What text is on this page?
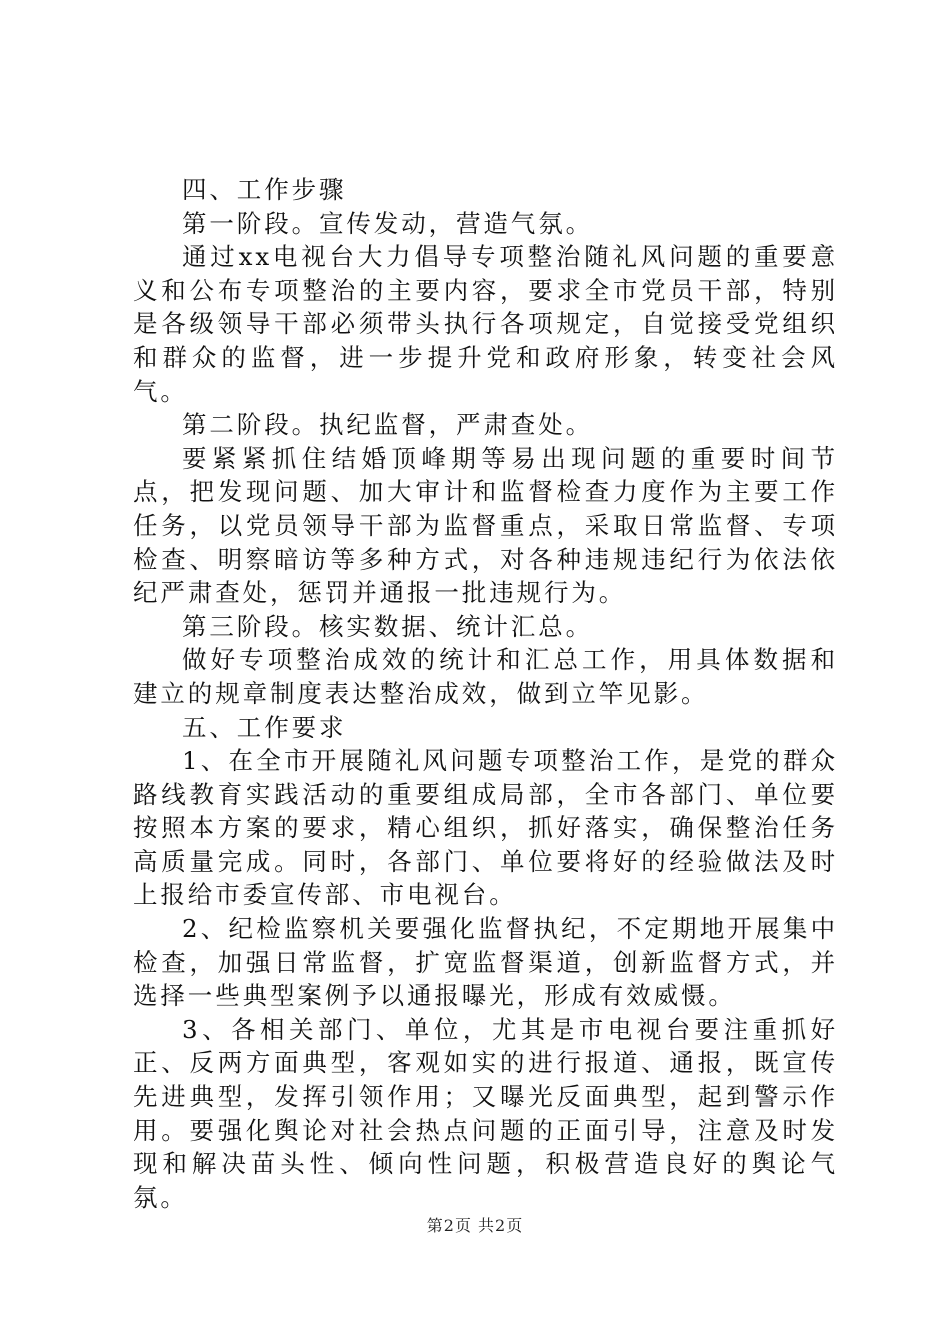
四、工作步骤

第一阶段。宣传发动，营造气氛。

通过xx电视台大力倡导专项整治随礼风问题的重要意义和公布专项整治的主要内容，要求全市党员干部，特别是各级领导干部必须带头执行各项规定，自觉接受党组织和群众的监督，进一步提升党和政府形象，转变社会风气。

第二阶段。执纪监督，严肃查处。

要紧紧抓住结婚顶峰期等易出现问题的重要时间节点，把发现问题、加大审计和监督检查力度作为主要工作任务，以党员领导干部为监督重点，采取日常监督、专项检查、明察暗访等多种方式，对各种违规违纪行为依法依纪严肃查处，惩罚并通报一批违规行为。

第三阶段。核实数据、统计汇总。

做好专项整治成效的统计和汇总工作，用具体数据和建立的规章制度表达整治成效，做到立竿见影。

五、工作要求

1、在全市开展随礼风问题专项整治工作，是党的群众路线教育实践活动的重要组成局部，全市各部门、单位要按照本方案的要求，精心组织，抓好落实，确保整治任务高质量完成。同时，各部门、单位要将好的经验做法及时上报给市委宣传部、市电视台。

2、纪检监察机关要强化监督执纪，不定期地开展集中检查，加强日常监督，扩宽监督渠道，创新监督方式，并选择一些典型案例予以通报曝光，形成有效威慑。

3、各相关部门、单位，尤其是市电视台要注重抓好正、反两方面典型，客观如实的进行报道、通报，既宣传先进典型，发挥引领作用；又曝光反面典型，起到警示作用。要强化舆论对社会热点问题的正面引导，注意及时发现和解决苗头性、倾向性问题，积极营造良好的舆论气氛。

第2页 共2页
